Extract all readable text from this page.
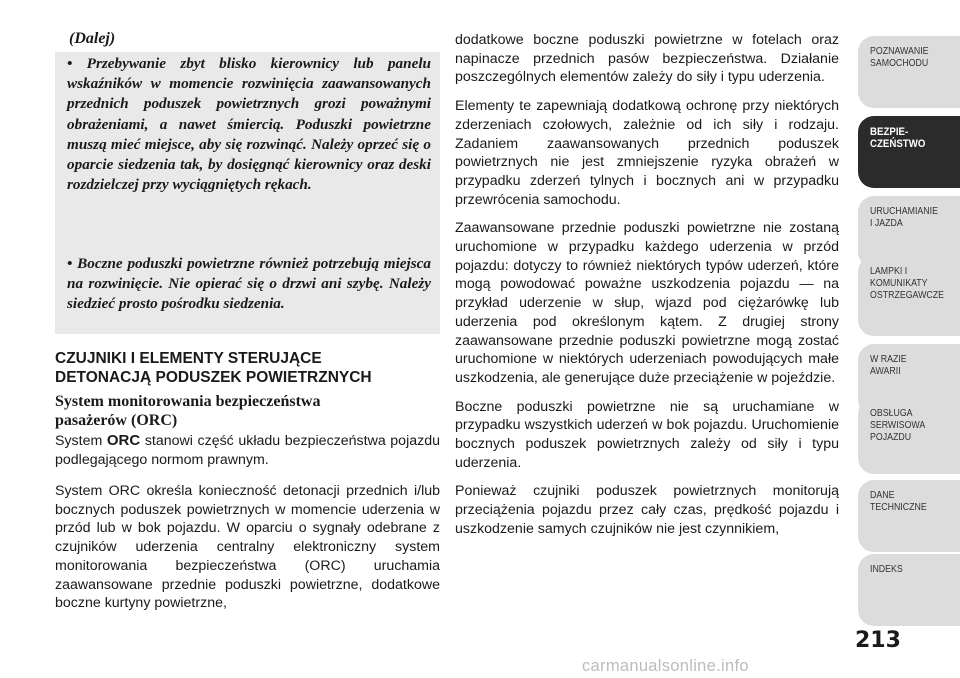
(Dalej)

• Przebywanie zbyt blisko kierownicy lub panelu wskaźników w momencie rozwinięcia zaawansowanych przednich poduszek powietrznych grozi poważnymi obrażeniami, a nawet śmiercią. Poduszki powietrzne muszą mieć miejsce, aby się rozwinąć. Należy oprzeć się o oparcie siedzenia tak, by dosięgnąć kierownicy oraz deski rozdzielczej przy wyciągniętych rękach.

• Boczne poduszki powietrzne również potrzebują miejsca na rozwinięcie. Nie opierać się o drzwi ani szybę. Należy siedzieć prosto pośrodku siedzenia.

CZUJNIKI I ELEMENTY STERUJĄCE
DETONACJĄ PODUSZEK POWIETRZNYCH
System monitorowania bezpieczeństwa
pasażerów (ORC)

System ORC stanowi część układu bezpieczeństwa pojazdu podlegającego normom prawnym.

System ORC określa konieczność detonacji przednich i/lub bocznych poduszek powietrznych w momencie uderzenia w przód lub w bok pojazdu. W oparciu o sygnały odebrane z czujników uderzenia centralny elektroniczny system monitorowania bezpieczeństwa (ORC) uruchamia zaawansowane przednie poduszki powietrzne, dodatkowe boczne kurtyny powietrzne,

dodatkowe boczne poduszki powietrzne w fotelach oraz napinacze przednich pasów bezpieczeństwa. Działanie poszczególnych elementów zależy do siły i typu uderzenia.

Elementy te zapewniają dodatkową ochronę przy niektórych zderzeniach czołowych, zależnie od ich siły i rodzaju. Zadaniem zaawansowanych przednich poduszek powietrznych nie jest zmniejszenie ryzyka obrażeń w przypadku zderzeń tylnych i bocznych ani w przypadku przewrócenia samochodu.

Zaawansowane przednie poduszki powietrzne nie zostaną uruchomione w przypadku każdego uderzenia w przód pojazdu: dotyczy to również niektórych typów uderzeń, które mogą powodować poważne uszkodzenia pojazdu — na przykład uderzenie w słup, wjazd pod ciężarówkę lub uderzenia pod określonym kątem. Z drugiej strony zaawansowane przednie poduszki powietrzne mogą zostać uruchomione w niektórych uderzeniach powodujących małe uszkodzenia, ale generujące duże przeciążenie w pojeździe.

Boczne poduszki powietrzne nie są uruchamiane w przypadku wszystkich uderzeń w bok pojazdu. Uruchomienie bocznych poduszek powietrznych zależy od siły i typu uderzenia.

Ponieważ czujniki poduszek powietrznych monitorują przeciążenia pojazdu przez cały czas, prędkość pojazdu i uszkodzenie samych czujników nie jest czynnikiem,

POZNAWANIE
SAMOCHODU
BEZPIE-
CZEŃSTWO
URUCHAMIANIE
I JAZDA
LAMPKI I
KOMUNIKATY
OSTRZEGAWCZE
W RAZIE
AWARII
OBSŁUGA
SERWISOWA
POJAZDU
DANE
TECHNICZNE
INDEKS
213
carmanualsonline.info
